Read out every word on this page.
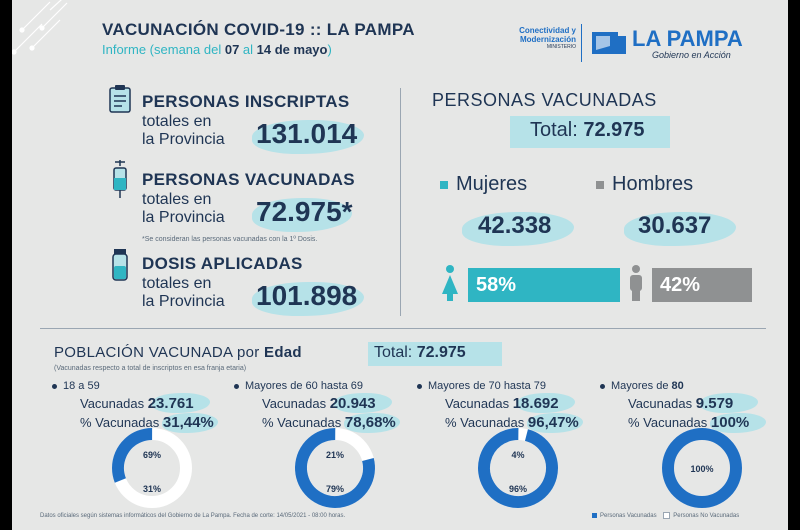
VACUNACIÓN COVID-19 :: LA PAMPA
Informe (semana del 07 al 14 de mayo)
Conectividad y
Modernización
MINISTERIO	LA PAMPA
Gobierno en Acción
PERSONAS INSCRIPTAS
totales en
la Provincia 131.014
PERSONAS VACUNADAS
totales en
la Provincia 72.975*
*Se consideran las personas vacunadas con la 1º Dosis.
DOSIS APLICADAS
totales en
la Provincia 101.898
PERSONAS VACUNADAS
Total: 72.975
Mujeres	Hombres
42.338	30.637
58%	42%
POBLACIÓN VACUNADA por Edad	Total: 72.975
(Vacunadas respecto a total de inscriptos en esa franja etaria)
18 a 59
Vacunadas 23.761
% Vacunadas 31,44%
Mayores de 60 hasta 69
Vacunadas 20.943
% Vacunadas 78,68%
Mayores de 70 hasta 79
Vacunadas 18.692
% Vacunadas 96,47%
Mayores de 80
Vacunadas 9.579
% Vacunadas 100%
69%
31%
21%
79%
4%
96%
100%
Personas Vacunadas	Personas No Vacunadas
Datos oficiales según sistemas informáticos del Gobierno de La Pampa. Fecha de corte: 14/05/2021 - 08:00 horas.
